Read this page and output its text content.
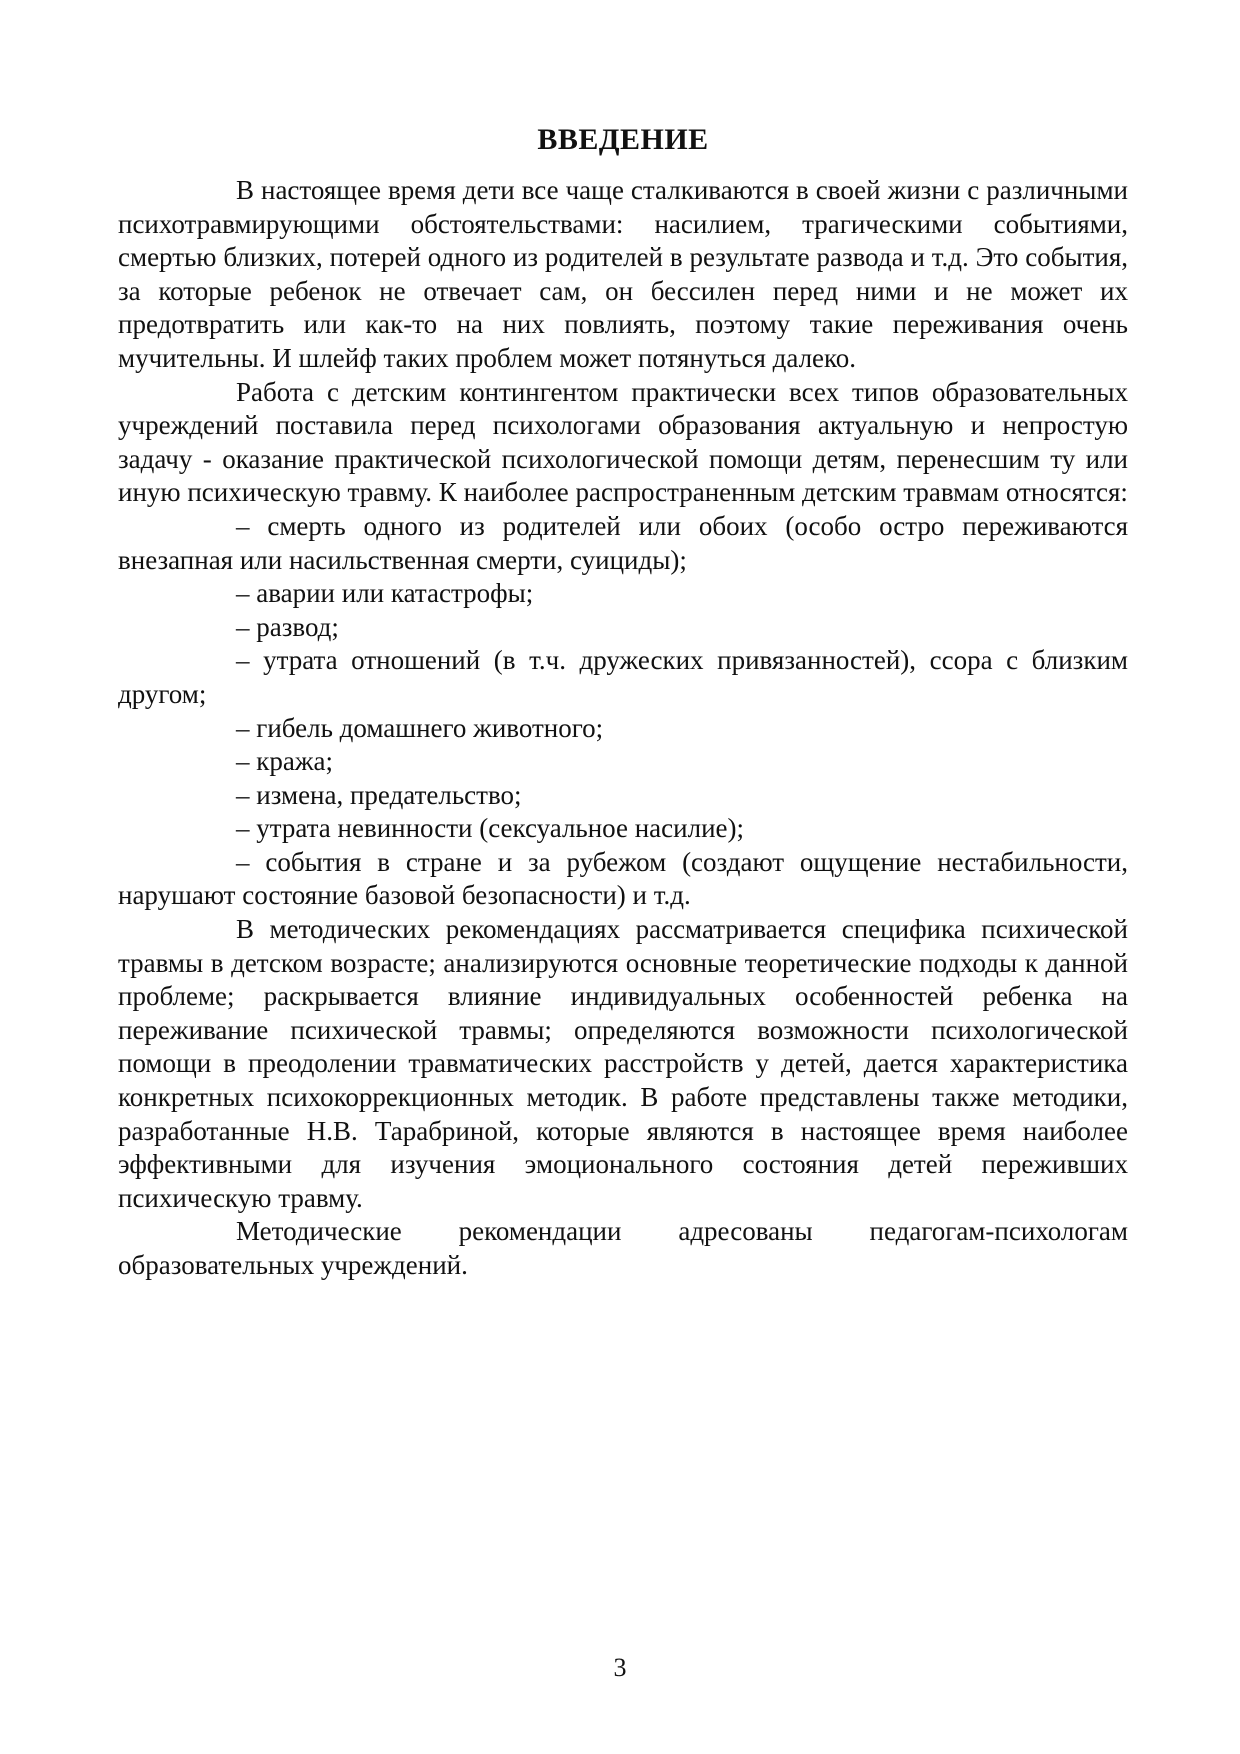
ВВЕДЕНИЕ

В настоящее время дети все чаще сталкиваются в своей жизни с различными психотравмирующими обстоятельствами: насилием, трагическими событиями, смертью близких, потерей одного из родителей в результате развода и т.д. Это события, за которые ребенок не отвечает сам, он бессилен перед ними и не может их предотвратить или как-то на них повлиять, поэтому такие переживания очень мучительны. И шлейф таких проблем может потянуться далеко.

Работа с детским контингентом практически всех типов образовательных учреждений поставила перед психологами образования актуальную и непростую задачу - оказание практической психологической помощи детям, перенесшим ту или иную психическую травму. К наиболее распространенным детским травмам относятся:

– смерть одного из родителей или обоих (особо остро переживаются внезапная или насильственная смерти, суициды);
– аварии или катастрофы;
– развод;
– утрата отношений (в т.ч. дружеских привязанностей), ссора с близким другом;
– гибель домашнего животного;
– кража;
– измена, предательство;
– утрата невинности (сексуальное насилие);
– события в стране и за рубежом (создают ощущение нестабильности, нарушают состояние базовой безопасности) и т.д.

В методических рекомендациях рассматривается специфика психической травмы в детском возрасте; анализируются основные теоретические подходы к данной проблеме; раскрывается влияние индивидуальных особенностей ребенка на переживание психической травмы; определяются возможности психологической помощи в преодолении травматических расстройств у детей, дается характеристика конкретных психокоррекционных методик. В работе представлены также методики, разработанные Н.В. Тарабриной, которые являются в настоящее время наиболее эффективными для изучения эмоционального состояния детей переживших психическую травму.

Методические рекомендации адресованы педагогам-психологам образовательных учреждений.

3
